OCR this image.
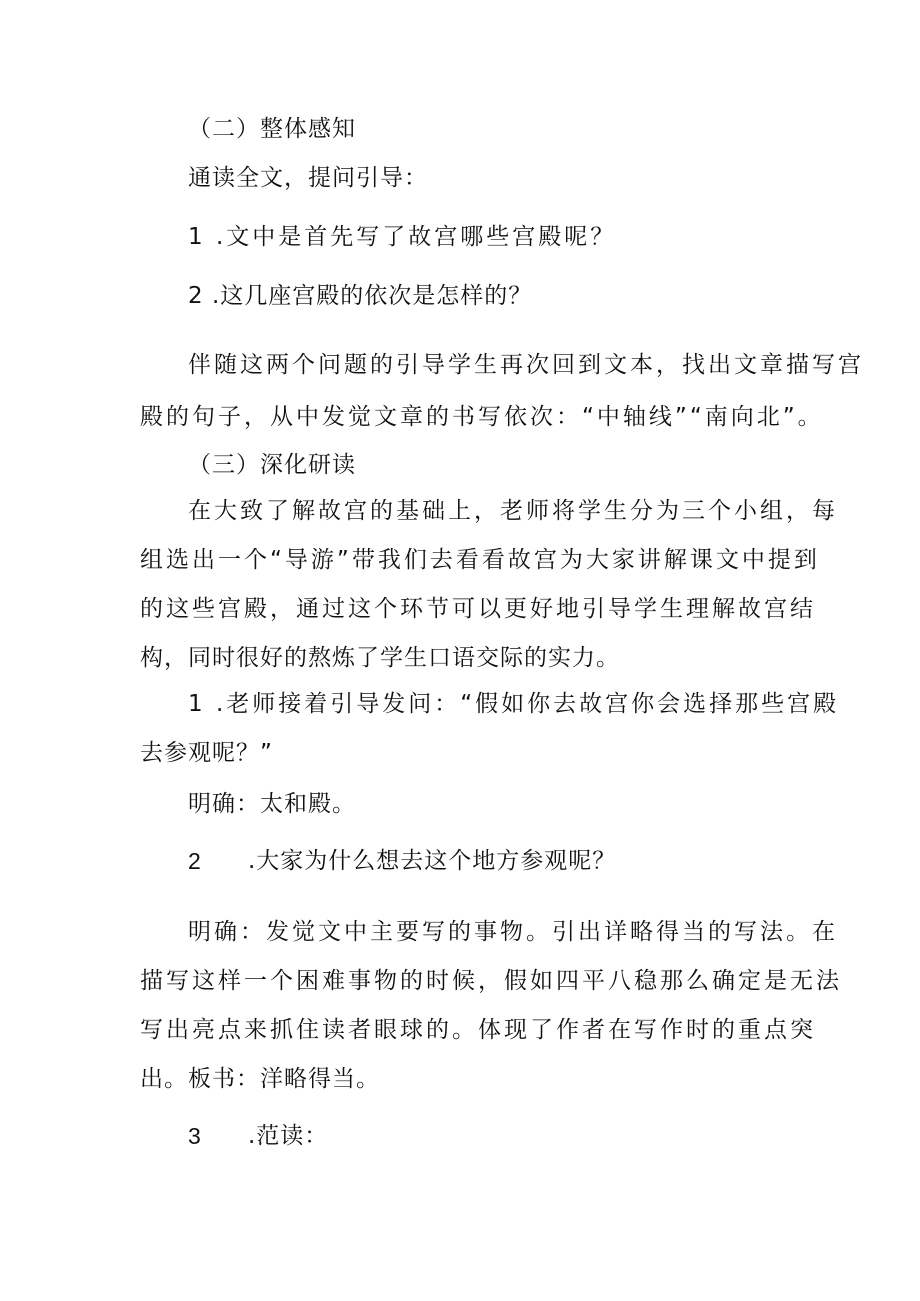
（二）整体感知
通读全文，提问引导：
1 .文中是首先写了故宫哪些宫殿呢？
2 .这几座宫殿的依次是怎样的？
伴随这两个问题的引导学生再次回到文本，找出文章描写宫
殿的句子，从中发觉文章的书写依次：“中轴线”“南向北”。
（三）深化研读
在大致了解故宫的基础上，老师将学生分为三个小组，每
组选出一个“导游”带我们去看看故宫为大家讲解课文中提到
的这些宫殿，通过这个环节可以更好地引导学生理解故宫结
构，同时很好的熬炼了学生口语交际的实力。
1 .老师接着引导发问：“假如你去故宫你会选择那些宫殿
去参观呢？”
明确：太和殿。
2 .大家为什么想去这个地方参观呢？
明确：发觉文中主要写的事物。引出详略得当的写法。在
描写这样一个困难事物的时候，假如四平八稳那么确定是无法
写出亮点来抓住读者眼球的。体现了作者在写作时的重点突
出。板书：洋略得当。
3 .范读：
